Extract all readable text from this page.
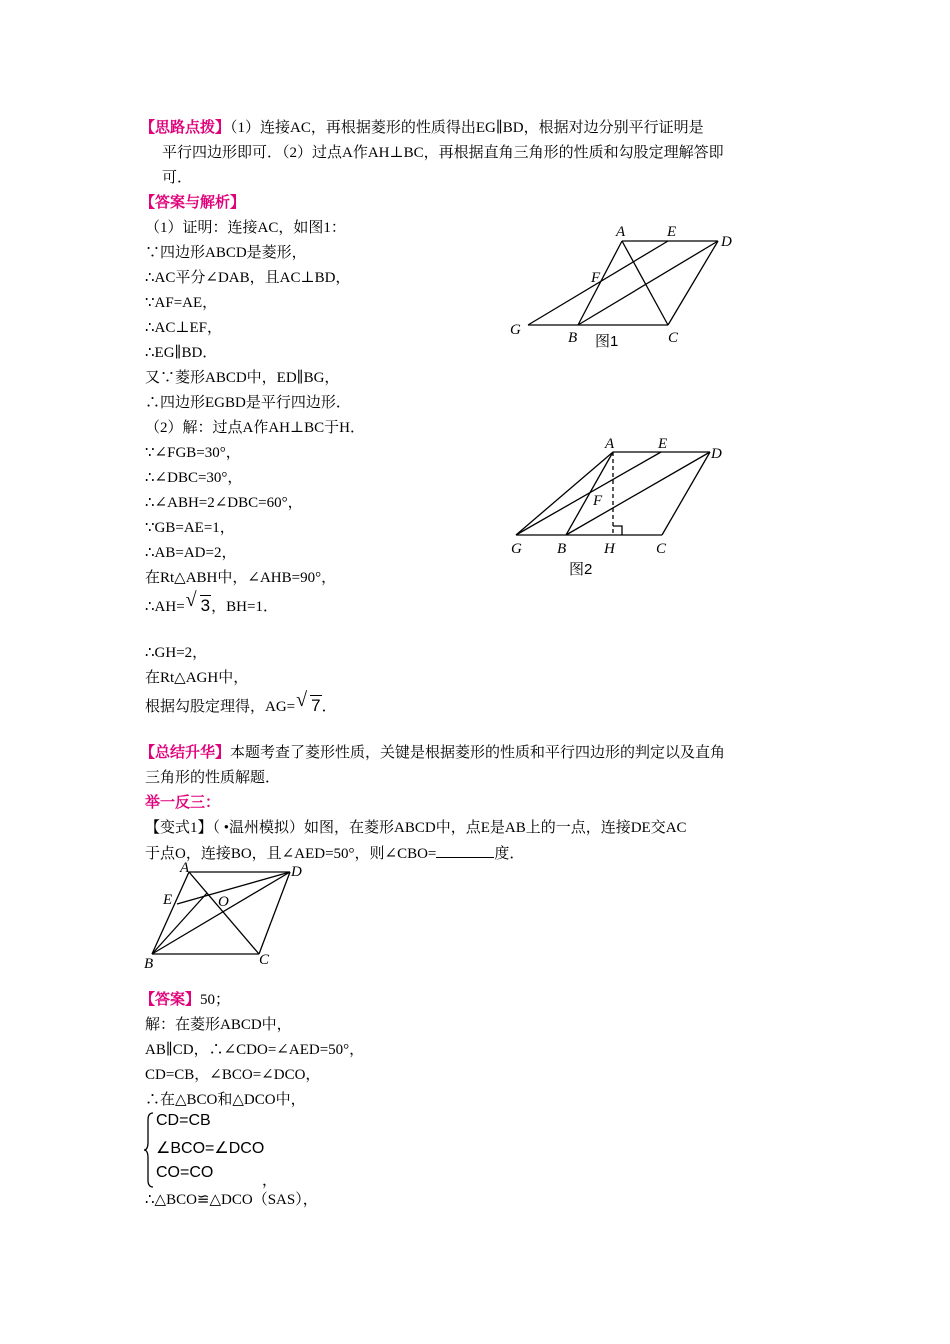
【思路点拨】（1）连接AC，再根据菱形的性质得出EG∥BD，根据对边分别平行证明是
平行四边形即可．（2）过点A作AH⊥BC，再根据直角三角形的性质和勾股定理解答即
可．
【答案与解析】
（1）证明：连接AC，如图1：
∵四边形ABCD是菱形，
∴AC平分∠DAB，且AC⊥BD，
∵AF=AE，
∴AC⊥EF，
∴EG∥BD．
又∵菱形ABCD中，ED∥BG，
∴四边形EGBD是平行四边形．
（2）解：过点A作AH⊥BC于H．
∵∠FGB=30°，
∴∠DBC=30°，
∴∠ABH=2∠DBC=60°，
∵GB=AE=1，
∴AB=AD=2，
在Rt△ABH中，∠AHB=90°，
∴AH= √ 3，BH=1．
∴GH=2，
在Rt△AGH中，
根据勾股定理得，AG= √ 7．
【总结升华】本题考查了菱形性质，关键是根据菱形的性质和平行四边形的判定以及直角
三角形的性质解题．
举一反三：
【变式1】（ •温州模拟）如图，在菱形ABCD中，点E是AB上的一点，连接DE交AC
于点O，连接BO，且∠AED=50°，则∠CBO=	度．
【答案】50；
解：在菱形ABCD中，
AB∥CD，∴∠CDO=∠AED=50°，
CD=CB，∠BCO=∠DCO，
∴在△BCO和△DCO中，
CD=CB
∠BCO=∠DCO
CO=CO	，
∴△BCO≌△DCO（SAS），
A	E
D
F
G	B	C
图1
A	E
D
F
G B	H	C
图2
A	D
E	O
B	C
